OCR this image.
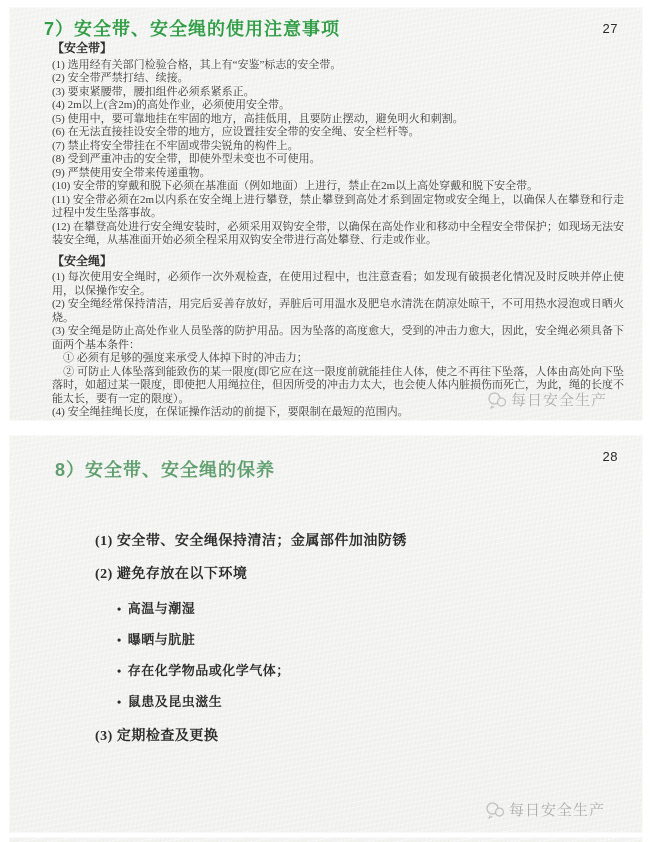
27
7）安全带、安全绳的使用注意事项
【安全带】
(1) 选用经有关部门检验合格，其上有“安鉴”标志的安全带。
(2) 安全带严禁打结、续接。
(3) 要束紧腰带，腰扣组件必须系紧系正。
(4) 2m以上(含2m)的高处作业，必须使用安全带。
(5) 使用中，要可靠地挂在牢固的地方，高挂低用，且要防止摆动，避免明火和刺割。
(6) 在无法直接挂设安全带的地方，应设置挂安全带的安全绳、安全栏杆等。
(7) 禁止将安全带挂在不牢固或带尖锐角的构件上。
(8) 受到严重冲击的安全带，即使外型未变也不可使用。
(9) 严禁使用安全带来传递重物。
(10) 安全带的穿戴和脱下必须在基准面（例如地面）上进行，禁止在2m以上高处穿戴和脱下安全带。
(11) 安全带必须在2m以内系在安全绳上进行攀登，禁止攀登到高处才系到固定物或安全绳上，以确保人在攀登和行走过程中发生坠落事故。
(12) 在攀登高处进行安全绳安装时，必须采用双钩安全带，以确保在高处作业和移动中全程安全带保护；如现场无法安装安全绳，从基准面开始必须全程采用双钩安全带进行高处攀登、行走或作业。
【安全绳】
(1) 每次使用安全绳时，必须作一次外观检查，在使用过程中，也注意查看；如发现有破损老化情况及时反映并停止使用，以保操作安全。
(2) 安全绳经常保持清洁，用完后妥善存放好，弄脏后可用温水及肥皂水清洗在荫凉处晾干，不可用热水浸泡或日晒火烧。
(3) 安全绳是防止高处作业人员坠落的防护用品。因为坠落的高度愈大，受到的冲击力愈大，因此，安全绳必须具备下面两个基本条件：
　① 必须有足够的强度来承受人体掉下时的冲击力；
　② 可防止人体坠落到能致伤的某一限度(即它应在这一限度前就能挂住人体，使之不再往下坠落，人体由高处向下坠落时，如超过某一限度，即使把人用绳拉住，但因所受的冲击力太大，也会使人体内脏损伤而死亡，为此，绳的长度不能太长，要有一定的限度）。
(4) 安全绳挂绳长度，在保证操作活动的前提下，要限制在最短的范围内。
每日安全生产
28
8）安全带、安全绳的保养
(1) 安全带、安全绳保持清洁；金属部件加油防锈
(2) 避免存放在以下环境
• 高温与潮湿
• 曝晒与肮脏
• 存在化学物品或化学气体；
• 鼠患及昆虫滋生
(3) 定期检查及更换
每日安全生产
